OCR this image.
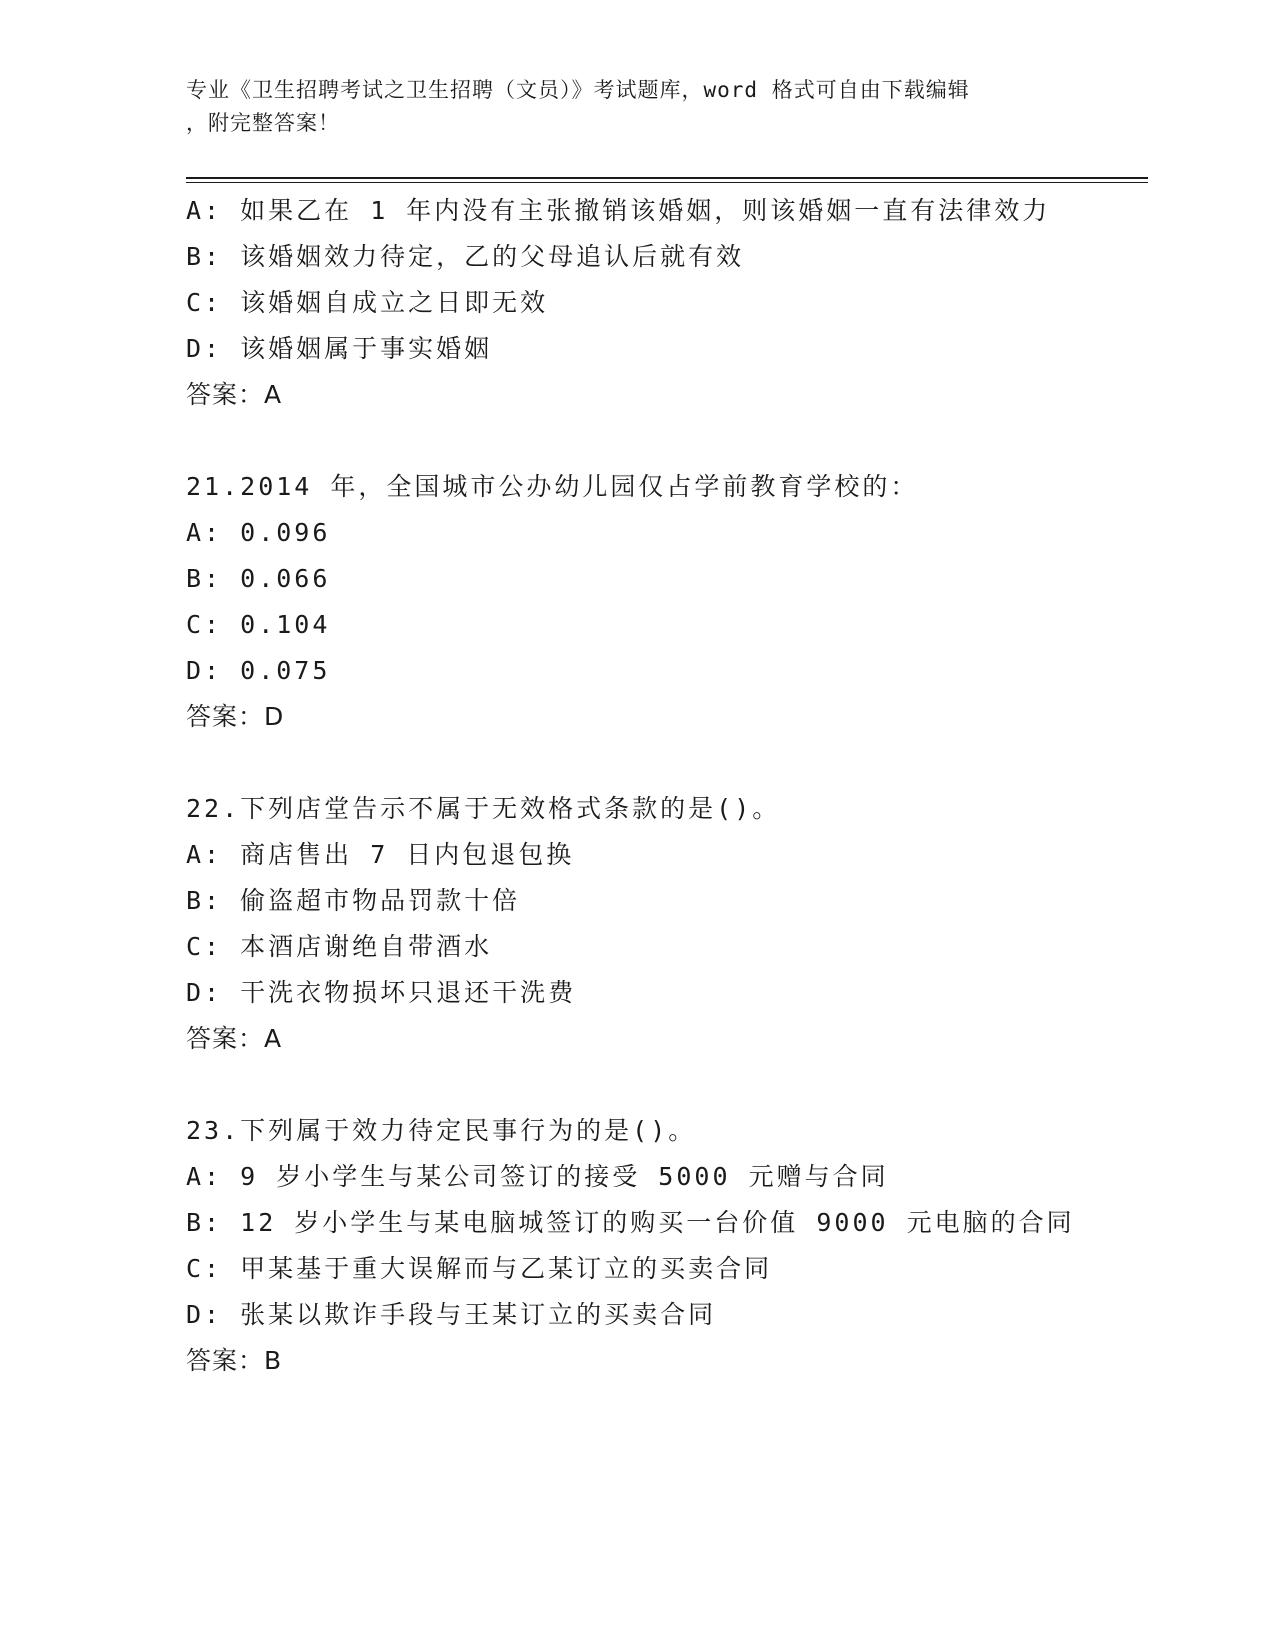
专业《卫生招聘考试之卫生招聘（文员）》考试题库，word 格式可自由下载编辑
，附完整答案！
A: 如果乙在 1 年内没有主张撤销该婚姻，则该婚姻一直有法律效力
B: 该婚姻效力待定，乙的父母追认后就有效
C: 该婚姻自成立之日即无效
D: 该婚姻属于事实婚姻
答案：A
21.2014 年，全国城市公办幼儿园仅占学前教育学校的：
A: 0.096
B: 0.066
C: 0.104
D: 0.075
答案：D
22.下列店堂告示不属于无效格式条款的是()。
A: 商店售出 7 日内包退包换
B: 偷盗超市物品罚款十倍
C: 本酒店谢绝自带酒水
D: 干洗衣物损坏只退还干洗费
答案：A
23.下列属于效力待定民事行为的是()。
A: 9 岁小学生与某公司签订的接受 5000 元赠与合同
B: 12 岁小学生与某电脑城签订的购买一台价值 9000 元电脑的合同
C: 甲某基于重大误解而与乙某订立的买卖合同
D: 张某以欺诈手段与王某订立的买卖合同
答案：B
